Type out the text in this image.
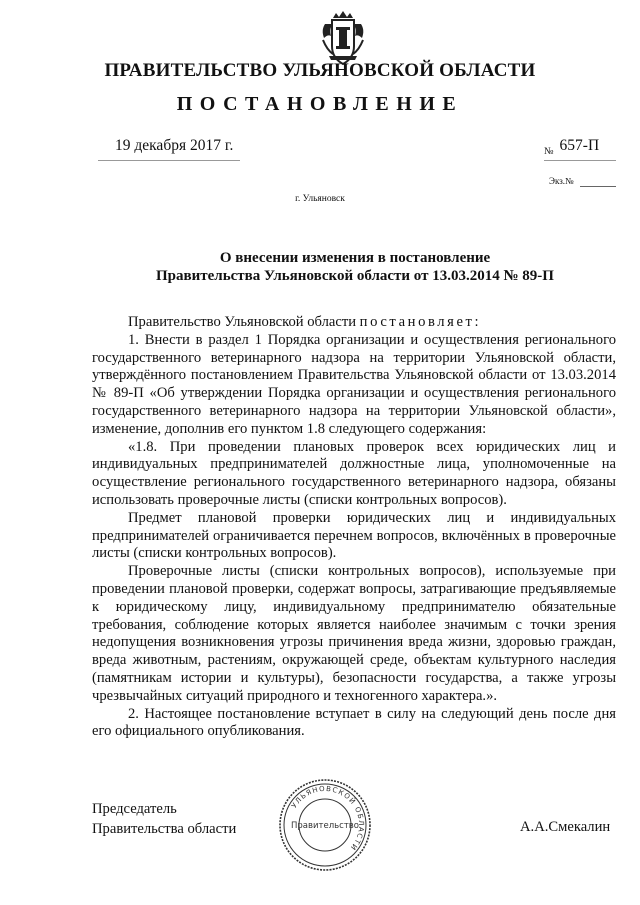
ПРАВИТЕЛЬСТВО УЛЬЯНОВСКОЙ ОБЛАСТИ
ПОСТАНОВЛЕНИЕ
19 декабря 2017 г.	$_№$ 657-П
Экз.№
г. Ульяновск
О внесении изменения в постановление
Правительства Ульяновской области от 13.03.2014 № 89-П

Правительство Ульяновской области постановляет:

1. Внести в раздел 1 Порядка организации и осуществления регионального государственного ветеринарного надзора на территории Ульяновской области, утверждённого постановлением Правительства Ульяновской области от 13.03.2014 № 89-П «Об утверждении Порядка организации и осуществления регионального государственного ветеринарного надзора на территории Ульяновской области», изменение, дополнив его пунктом 1.8 следующего содержания:

«1.8. При проведении плановых проверок всех юридических лиц и индивидуальных предпринимателей должностные лица, уполномоченные на осуществление регионального государственного ветеринарного надзора, обязаны использовать проверочные листы (списки контрольных вопросов).

Предмет плановой проверки юридических лиц и индивидуальных предпринимателей ограничивается перечнем вопросов, включённых в проверочные листы (списки контрольных вопросов).

Проверочные листы (списки контрольных вопросов), используемые при проведении плановой проверки, содержат вопросы, затрагивающие предъявляемые к юридическому лицу, индивидуальному предпринимателю обязательные требования, соблюдение которых является наиболее значимым с точки зрения недопущения возникновения угрозы причинения вреда жизни, здоровью граждан, вреда животным, растениям, окружающей среде, объектам культурного наследия (памятникам истории и культуры), безопасности государства, а также угрозы чрезвычайных ситуаций природного и техногенного характера.».

2. Настоящее постановление вступает в силу на следующий день после дня его официального опубликования.

Председатель
Правительства области
УЛЬЯНОВСКОЙ ОБЛАСТИ
Правительство	А.А.Смекалин
